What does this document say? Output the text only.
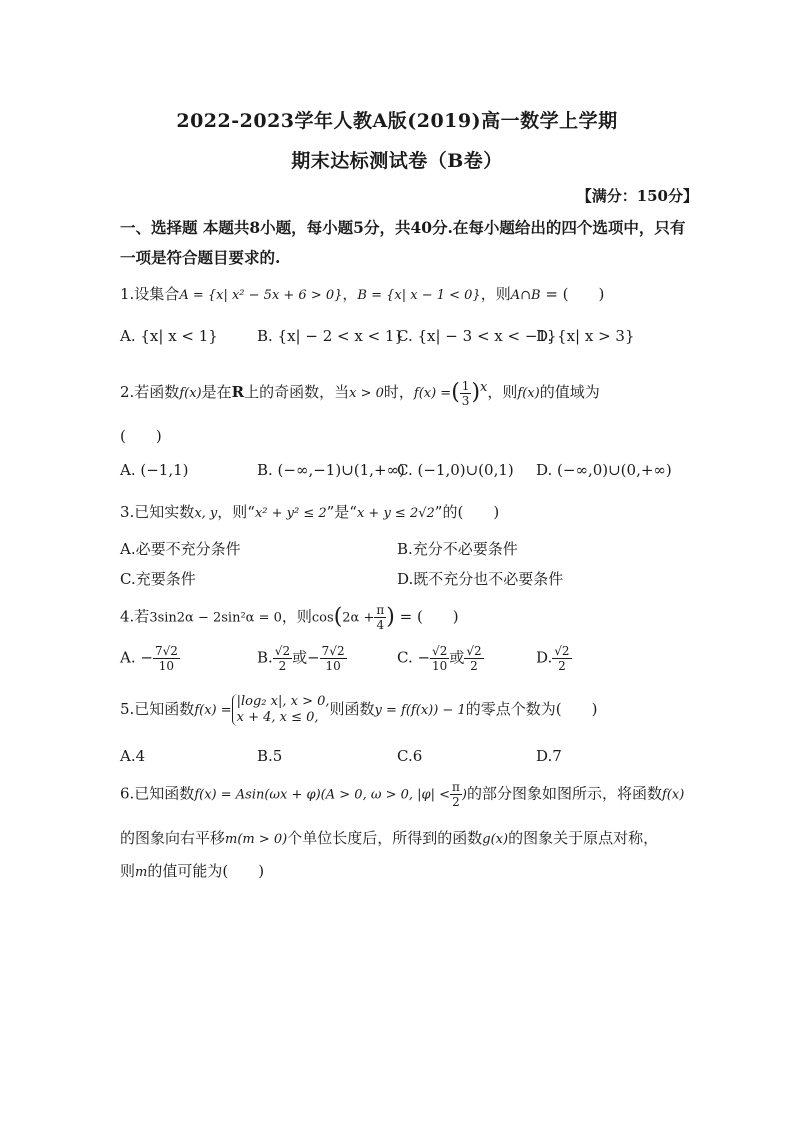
2022-2023学年人教A版(2019)高一数学上学期
期末达标测试卷（B卷）
【满分：150分】
一、选择题 本题共8小题，每小题5分，共40分.在每小题给出的四个选项中，只有一项是符合题目要求的.
1.设集合A = {x| x² − 5x + 6 > 0}，B = {x| x − 1 < 0}，则A∩B = (　　)
A. {x| x < 1}	B. {x| − 2 < x < 1}
C. {x| − 3 < x < −1}
D. {x| x > 3}
2.若函数f(x)是在R上的奇函数，当x > 0时，f(x) =( $\frac{1}{3} )^x$，则f(x)的值域为
(　　)
A. (−1,1)	B. (−∞,−1)∪(1,+∞)
C. (−1,0)∪(0,1) D. (−∞,0)∪(0,+∞)
3.已知实数x, y，则“x² + y² ≤ 2”是“x + y ≤ 2√2”的(　　)
A.必要不充分条件	B.充分不必要条件
C.充要条件	D.既不充分也不必要条件
4.若3sin2α − 2sin²α = 0，则$\cos(2\alpha + \frac{\pi}{4}$ ) = (　　)
A. − $\frac{7√2}{10}$	B. $\frac{√2}{2}$ 或− $\frac{7√2}{10}$	C. − $\frac{√2}{10}$ 或 $\frac{√2}{2}$	D. $\frac{√2}{2}$
5.已知函数f(x) =
|log₂ x|, x > 0,
x + 4, x ≤ 0, 则函数y = f(f(x)) − 1的零点个数为(　　)
A.4	B.5	C.6	D.7
6.已知函数f(x) = Asin(ωx + φ)(A > 0, ω > 0, $|\varphi| < \frac{\pi}{2}$ )的部分图象如图所示，将函数f(x)
的图象向右平移m(m > 0)个单位长度后，所得到的函数g(x)的图象关于原点对称，
则m的值可能为(　　)
